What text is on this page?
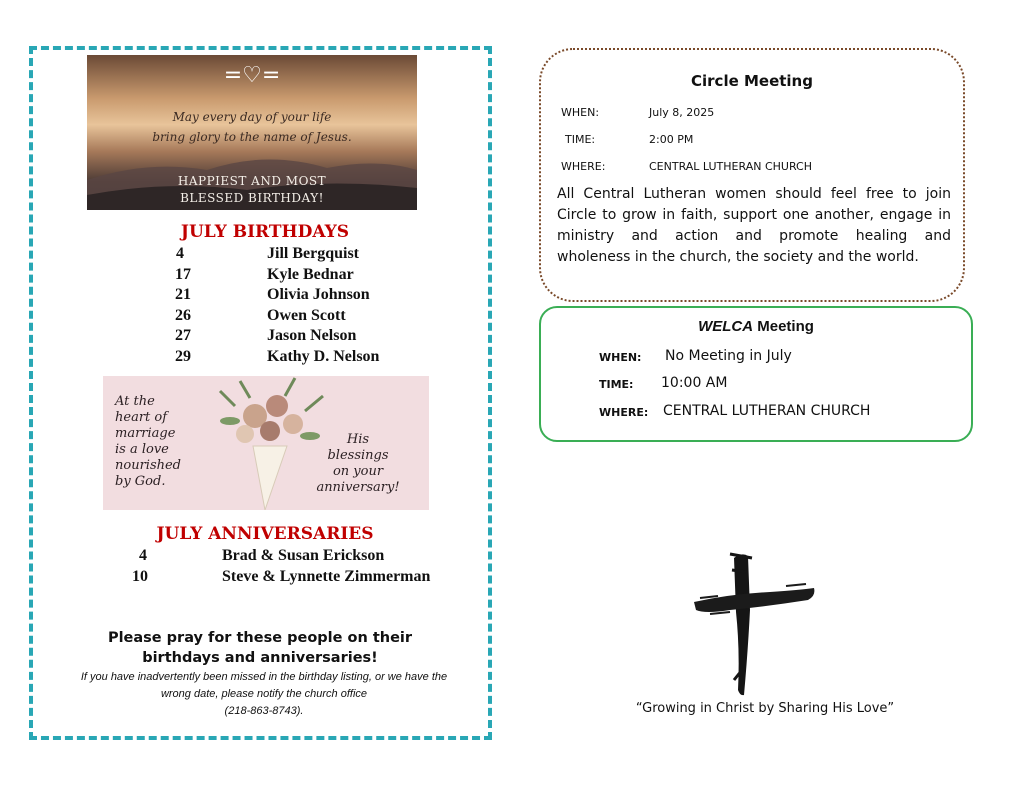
=♡=
May every day of your life
bring glory to the name of Jesus.
HAPPIEST AND MOST
BLESSED BIRTHDAY!
JULY BIRTHDAYS
4	Jill Bergquist
17	Kyle Bednar
21	Olivia Johnson
26	Owen Scott
27	Jason Nelson
29	Kathy D. Nelson
At the
heart of
marriage
is a love
nourished
by God.
His
blessings
on your
anniversary!
JULY ANNIVERSARIES
4	Brad & Susan Erickson
10	Steve & Lynnette Zimmerman
Please pray for these people on their
birthdays and anniversaries!
If you have inadvertently been missed in the birthday listing, or we have the
wrong date, please notify the church office
(218-863-8743).
Circle Meeting
WHEN:	July 8, 2025
TIME:	2:00 PM
WHERE:	CENTRAL LUTHERAN CHURCH
All Central Lutheran women should feel free to join Circle to grow in faith, support one another, engage in ministry and action and promote healing and wholeness in the church, the society and the world.
WELCA Meeting
WHEN: No Meeting in July
TIME: 10:00 AM
WHERE: CENTRAL LUTHERAN CHURCH
“Growing in Christ by Sharing His Love”
